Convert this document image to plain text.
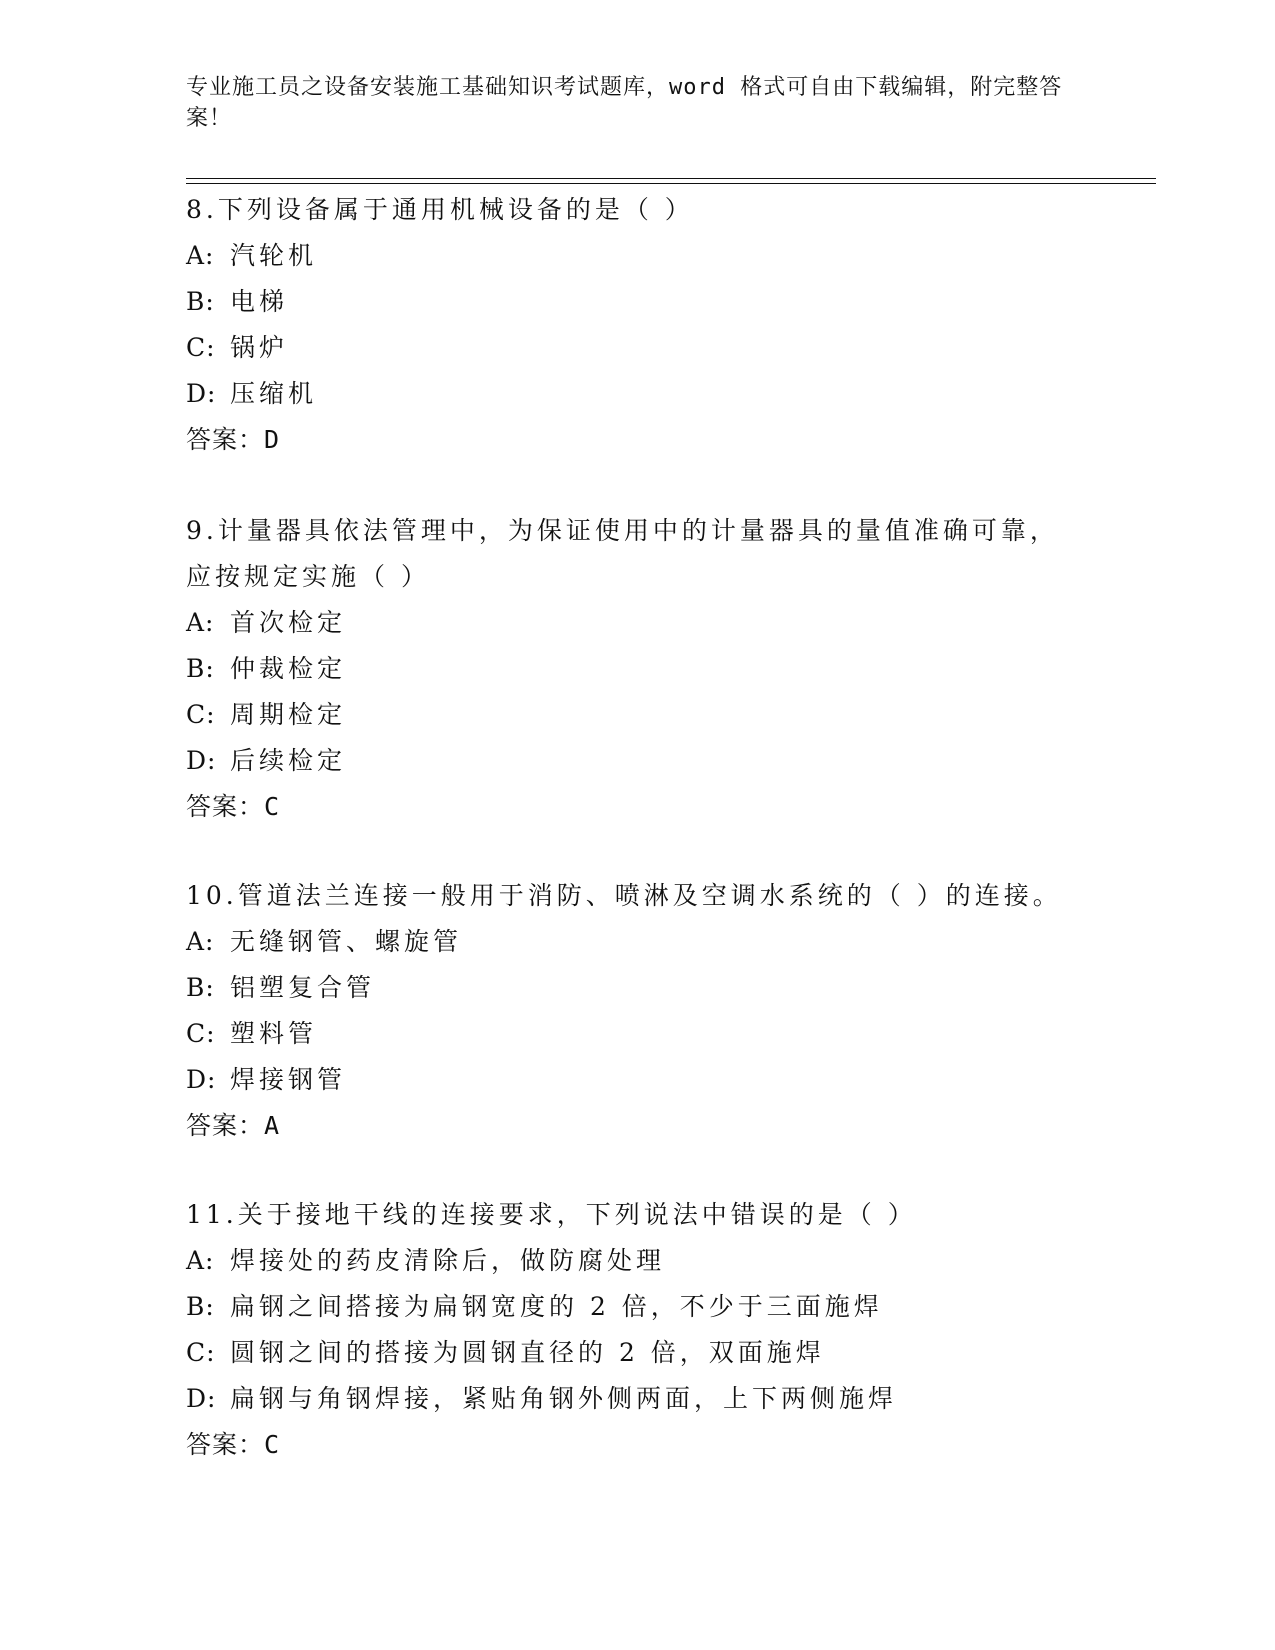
专业施工员之设备安装施工基础知识考试题库，word 格式可自由下载编辑，附完整答案！
8.下列设备属于通用机械设备的是（ ）
A: 汽轮机
B: 电梯
C: 锅炉
D: 压缩机
答案：D
9.计量器具依法管理中，为保证使用中的计量器具的量值准确可靠，应按规定实施（ ）
A: 首次检定
B: 仲裁检定
C: 周期检定
D: 后续检定
答案：C
10.管道法兰连接一般用于消防、喷淋及空调水系统的（ ）的连接。
A: 无缝钢管、螺旋管
B: 铝塑复合管
C: 塑料管
D: 焊接钢管
答案：A
11.关于接地干线的连接要求，下列说法中错误的是（ ）
A: 焊接处的药皮清除后，做防腐处理
B: 扁钢之间搭接为扁钢宽度的 2 倍，不少于三面施焊
C: 圆钢之间的搭接为圆钢直径的 2 倍，双面施焊
D: 扁钢与角钢焊接，紧贴角钢外侧两面，上下两侧施焊
答案：C
